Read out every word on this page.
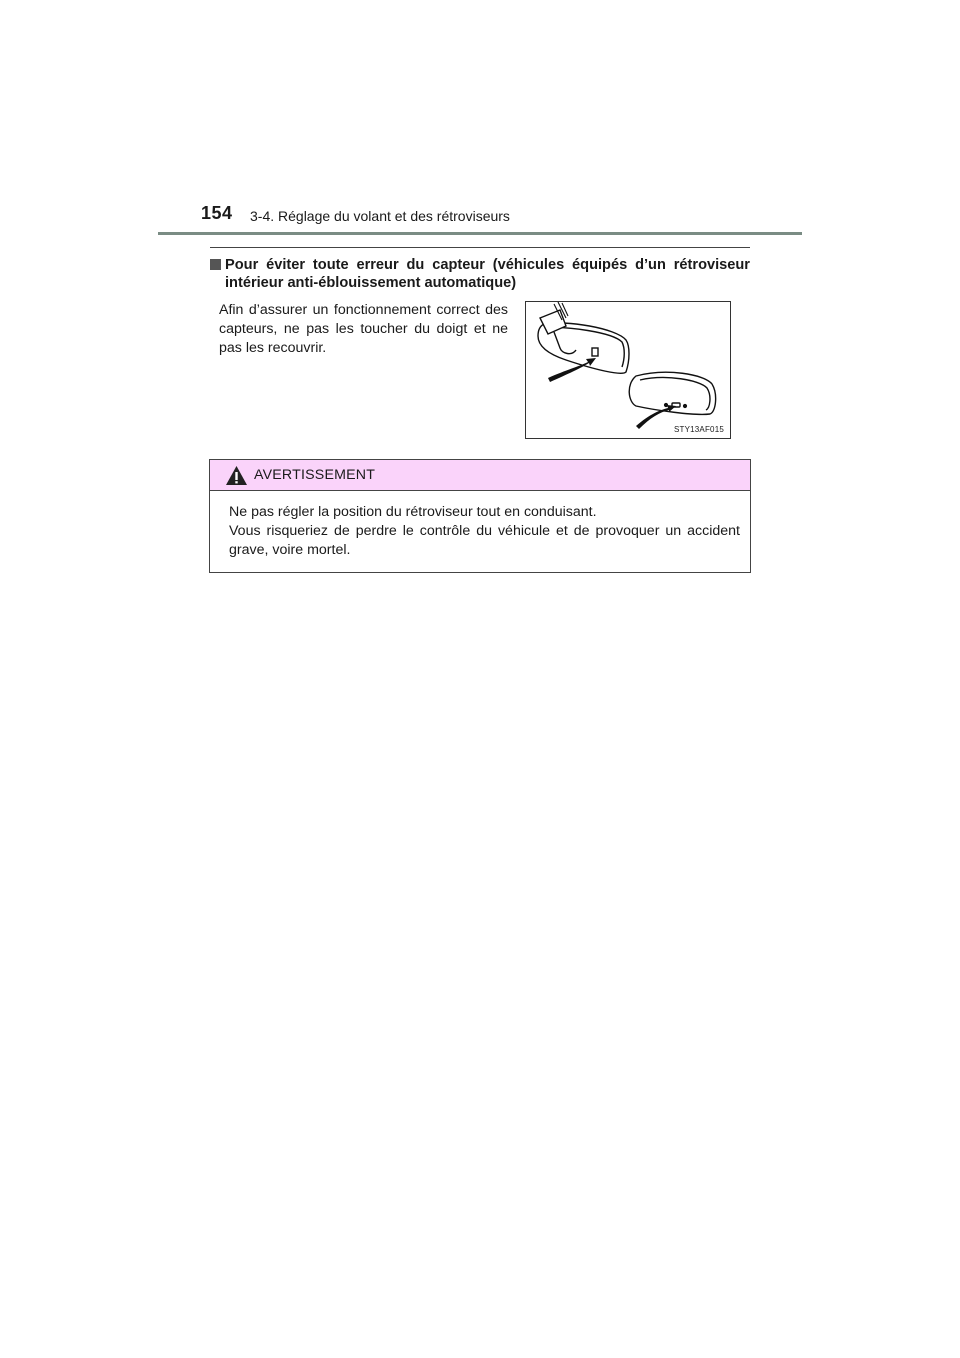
154 3-4. Réglage du volant et des rétroviseurs
Pour éviter toute erreur du capteur (véhicules équipés d’un rétroviseur intérieur anti-éblouissement automatique)
Afin d’assurer un fonctionnement correct des capteurs, ne pas les toucher du doigt et ne pas les recouvrir.
STY13AF015
AVERTISSEMENT

Ne pas régler la position du rétroviseur tout en conduisant.

Vous risqueriez de perdre le contrôle du véhicule et de provoquer un accident grave, voire mortel.
